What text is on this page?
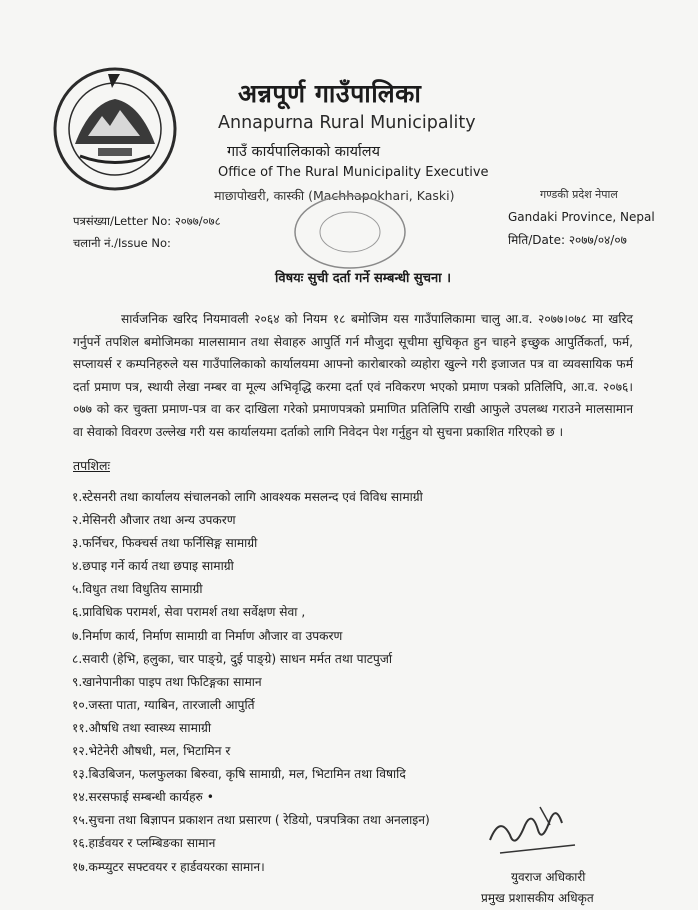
अन्नपूर्ण गाउँपालिका
Annapurna Rural Municipality
गाउँ कार्यपालिकाको कार्यालय
Office of The Rural Municipality Executive
माछापोखरी, कास्की (Machhapokhari, Kaski)	गण्डकी प्रदेश नेपाल
Gandaki Province, Nepal
मिति/Date: २०७७/०४/०७
पत्रसंख्या/Letter No: २०७७/०७८
चलानी नं./Issue No:
विषयः सुची दर्ता गर्ने सम्बन्धी सुचना ।

सार्वजनिक खरिद नियमावली २०६४ को नियम १८ बमोजिम यस गाउँपालिकामा चालु आ.व. २०७७।०७८ मा खरिद गर्नुपर्ने तपशिल बमोजिमका मालसामान तथा सेवाहरु आपुर्ति गर्न मौजुदा सूचीमा सुचिकृत हुन चाहने इच्छुक आपुर्तिकर्ता, फर्म, सप्लायर्स र कम्पनिहरुले यस गाउँपालिकाको कार्यालयमा आफ्नो कारोबारको व्यहोरा खुल्ने गरी इजाजत पत्र वा व्यवसायिक फर्म दर्ता प्रमाण पत्र, स्थायी लेखा नम्बर वा मूल्य अभिवृद्धि करमा दर्ता एवं नविकरण भएको प्रमाण पत्रको प्रतिलिपि, आ.व. २०७६।०७७ को कर चुक्ता प्रमाण-पत्र वा कर दाखिला गरेको प्रमाणपत्रको प्रमाणित प्रतिलिपि राखी आफुले उपलब्ध गराउने मालसामान वा सेवाको विवरण उल्लेख गरी यस कार्यालयमा दर्ताको लागि निवेदन पेश गर्नुहुन यो सुचना प्रकाशित गरिएको छ ।

तपशिलः
१.स्टेसनरी तथा कार्यालय संचालनको लागि आवश्यक मसलन्द एवं विविध सामाग्री
२.मेसिनरी औजार तथा अन्य उपकरण
३.फर्निचर, फिक्चर्स तथा फर्निसिङ्ग सामाग्री
४.छपाइ गर्ने कार्य तथा छपाइ सामाग्री
५.विधुत तथा विधुतिय सामाग्री
६.प्राविधिक परामर्श, सेवा परामर्श तथा सर्वेक्षण सेवा ,
७.निर्माण कार्य, निर्माण सामाग्री वा निर्माण औजार वा उपकरण
८.सवारी (हेभि, हलुका, चार पाङ्ग्रे, दुई पाङ्ग्रे) साधन मर्मत तथा पाटपुर्जा
९.खानेपानीका पाइप तथा फिटिङ्गका सामान
१०.जस्ता पाता, ग्याबिन, तारजाली आपुर्ति
११.औषधि तथा स्वास्थ्य सामाग्री
१२.भेटेनेरी औषधी, मल, भिटामिन र
१३.बिउबिजन, फलफुलका बिरुवा, कृषि सामाग्री, मल, भिटामिन तथा विषादि
१४.सरसफाई सम्बन्धी कार्यहरु •
१५.सुचना तथा बिज्ञापन प्रकाशन तथा प्रसारण ( रेडियो, पत्रपत्रिका तथा अनलाइन)
१६.हार्डवयर र प्लम्बिङका सामान
१७.कम्प्युटर सफ्टवयर र हार्डवयरका सामान।
युवराज अधिकारी
प्रमुख प्रशासकीय अधिकृत
